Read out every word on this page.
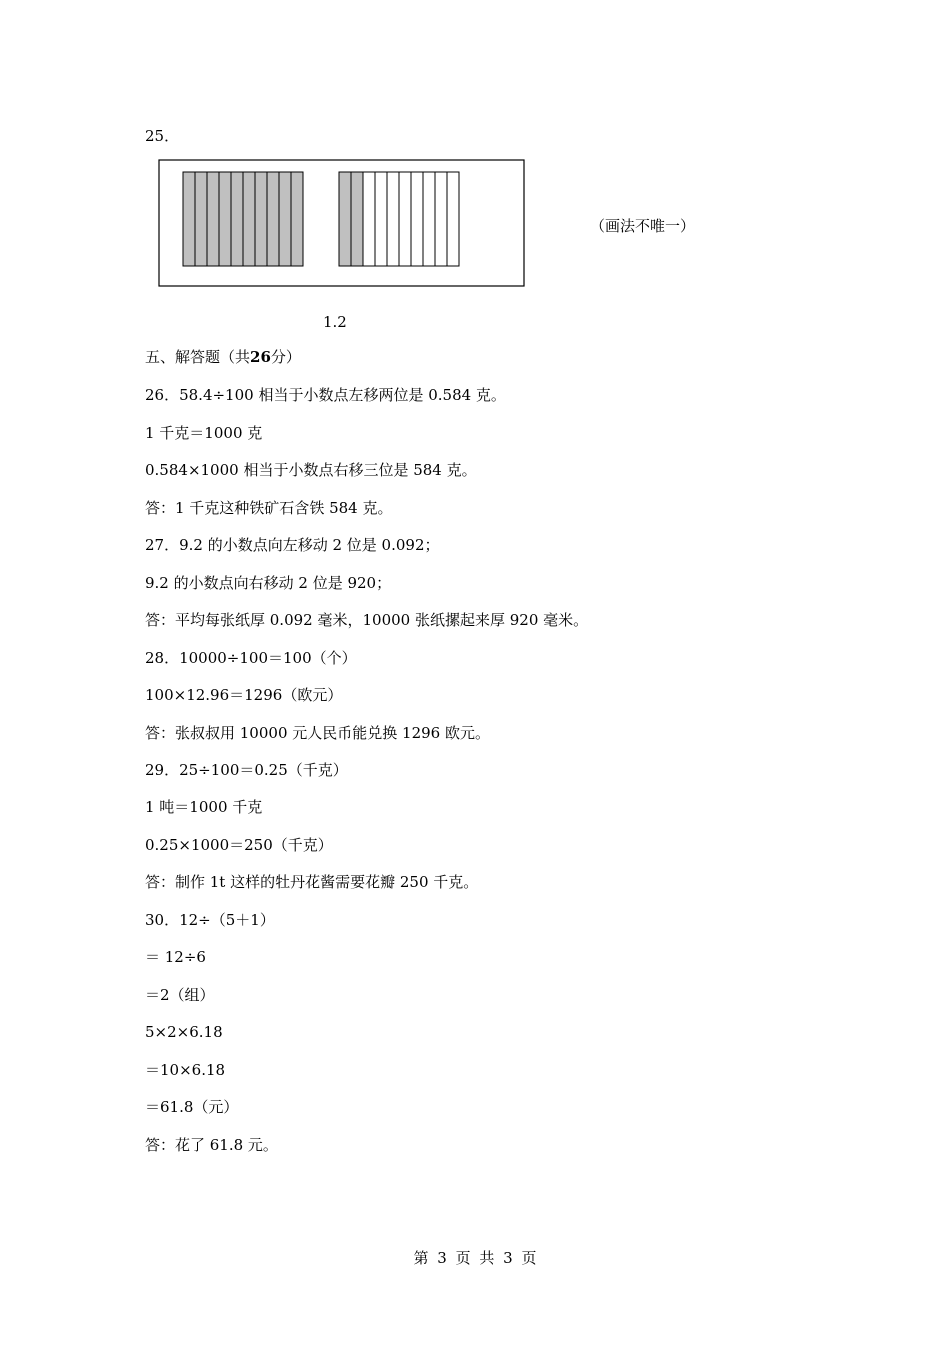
25．
（画法不唯一）
1.2
五、解答题（共26分）
26．58.4÷100 相当于小数点左移两位是 0.584 克。
1 千克＝1000 克
0.584×1000 相当于小数点右移三位是 584 克。
答：1 千克这种铁矿石含铁 584 克。
27．9.2 的小数点向左移动 2 位是 0.092；
9.2 的小数点向右移动 2 位是 920；
答：平均每张纸厚 0.092 毫米，10000 张纸摞起来厚 920 毫米。
28．10000÷100＝100（个）
100×12.96＝1296（欧元）
答：张叔叔用 10000 元人民币能兑换 1296 欧元。
29．25÷100＝0.25（千克）
1 吨＝1000 千克
0.25×1000＝250（千克）
答：制作 1t 这样的牡丹花酱需要花瓣 250 千克。
30．12÷（5＋1）
＝ 12÷6
＝2（组）
5×2×6.18
＝10×6.18
＝61.8（元）
答：花了 61.8 元。
第 3 页 共 3 页
